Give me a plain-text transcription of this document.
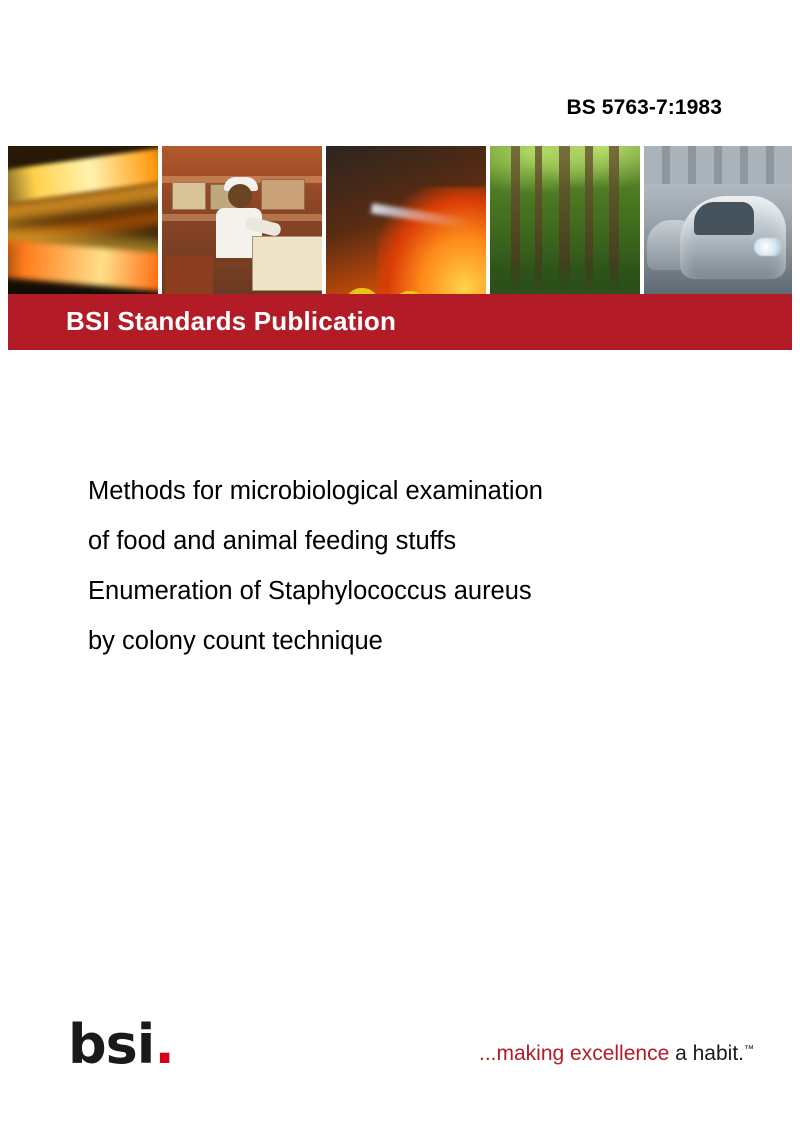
BS 5763-7:1983
BSI Standards Publication
Methods for microbiological examination
of food and animal feeding stuffs
Enumeration of Staphylococcus aureus
by colony count technique
bsi.	...making excellence a habit.™
